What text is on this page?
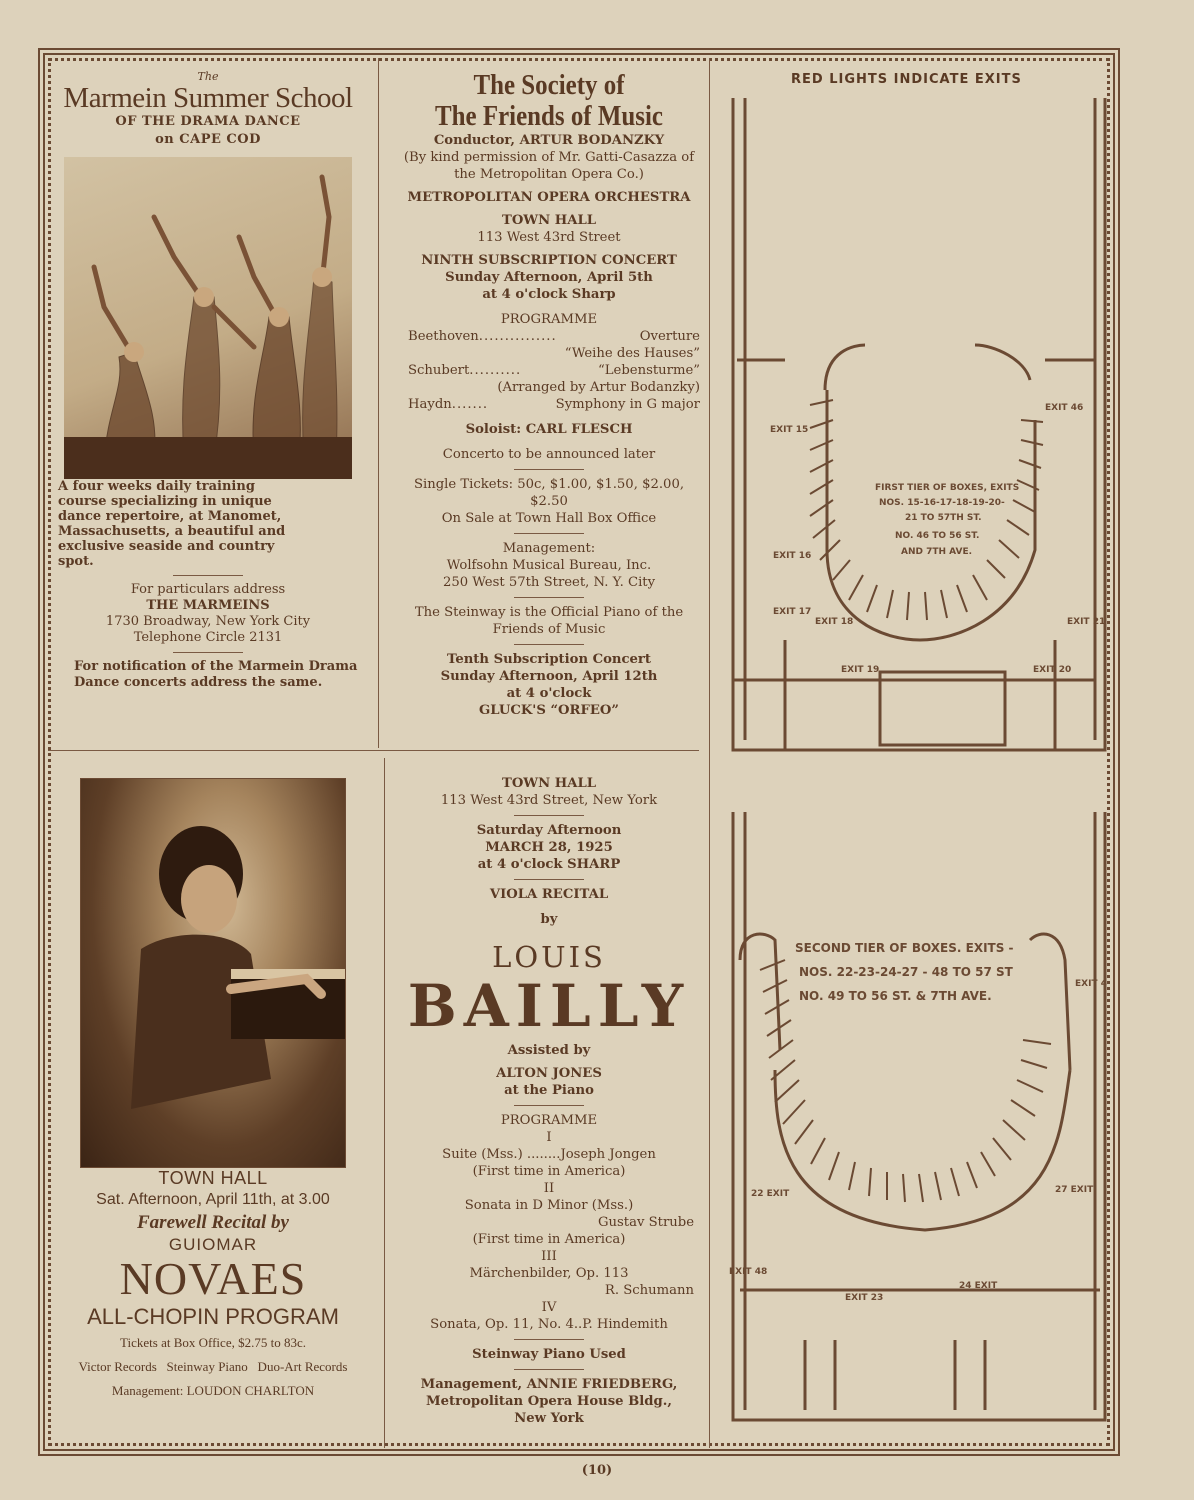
The

Marmein Summer School

OF THE DRAMA DANCE

on CAPE COD

A four weeks daily training course specializing in unique dance repertoire, at Manomet, Massachusetts, a beautiful and exclusive seaside and country spot.

For particulars address

THE MARMEINS

1730 Broadway, New York City

Telephone Circle 2131

For notification of the Marmein Drama Dance concerts address the same.

The Society of

The Friends of Music

Conductor, ARTUR BODANZKY

(By kind permission of Mr. Gatti-Casazza of the Metropolitan Opera Co.)

METROPOLITAN OPERA ORCHESTRA

TOWN HALL

113 West 43rd Street

NINTH SUBSCRIPTION CONCERT

Sunday Afternoon, April 5th

at 4 o'clock Sharp

PROGRAMME

Beethoven ...............	Overture

“Weihe des Hauses”

Schubert ..........	“Lebensturme”

(Arranged by Artur Bodanzky)

Haydn .......	Symphony in G major

Soloist: CARL FLESCH

Concerto to be announced later

Single Tickets: 50c, $1.00, $1.50, $2.00, $2.50

On Sale at Town Hall Box Office

Management:

Wolfsohn Musical Bureau, Inc.

250 West 57th Street, N. Y. City

The Steinway is the Official Piano of the Friends of Music

Tenth Subscription Concert

Sunday Afternoon, April 12th

at 4 o'clock

GLUCK'S “ORFEO”

TOWN HALL

Sat. Afternoon, April 11th, at 3.00

Farewell Recital by

GUIOMAR

NOVAES

ALL-CHOPIN PROGRAM

Tickets at Box Office, $2.75 to 83c.

Victor Records   Steinway Piano   Duo-Art Records

Management: LOUDON CHARLTON

TOWN HALL

113 West 43rd Street, New York

Saturday Afternoon

MARCH 28, 1925

at 4 o'clock SHARP

VIOLA RECITAL

by

LOUIS

BAILLY

Assisted by

ALTON JONES

at the Piano

PROGRAMME

I

Suite (Mss.) ........Joseph Jongen

(First time in America)

II

Sonata in D Minor (Mss.)

Gustav Strube

(First time in America)

III

Märchenbilder, Op. 113

R. Schumann

IV

Sonata, Op. 11, No. 4..P. Hindemith

Steinway Piano Used

Management, ANNIE FRIEDBERG,

Metropolitan Opera House Bldg.,

New York

RED LIGHTS INDICATE EXITS
FIRST TIER OF BOXES, EXITS
NOS. 15-16-17-18-19-20-
21 TO 57TH ST.
NO. 46 TO 56 ST.
AND 7TH AVE.
EXIT 15
EXIT 46
EXIT 16
EXIT 17
EXIT 18
EXIT 19	EXIT 20
EXIT 21
SECOND TIER OF BOXES. EXITS -
NOS. 22-23-24-27 - 48 TO 57 ST
NO. 49 TO 56 ST. & 7TH AVE.
EXIT 4
27 EXIT
22 EXIT
EXIT 48
EXIT 23
24 EXIT
(10)
